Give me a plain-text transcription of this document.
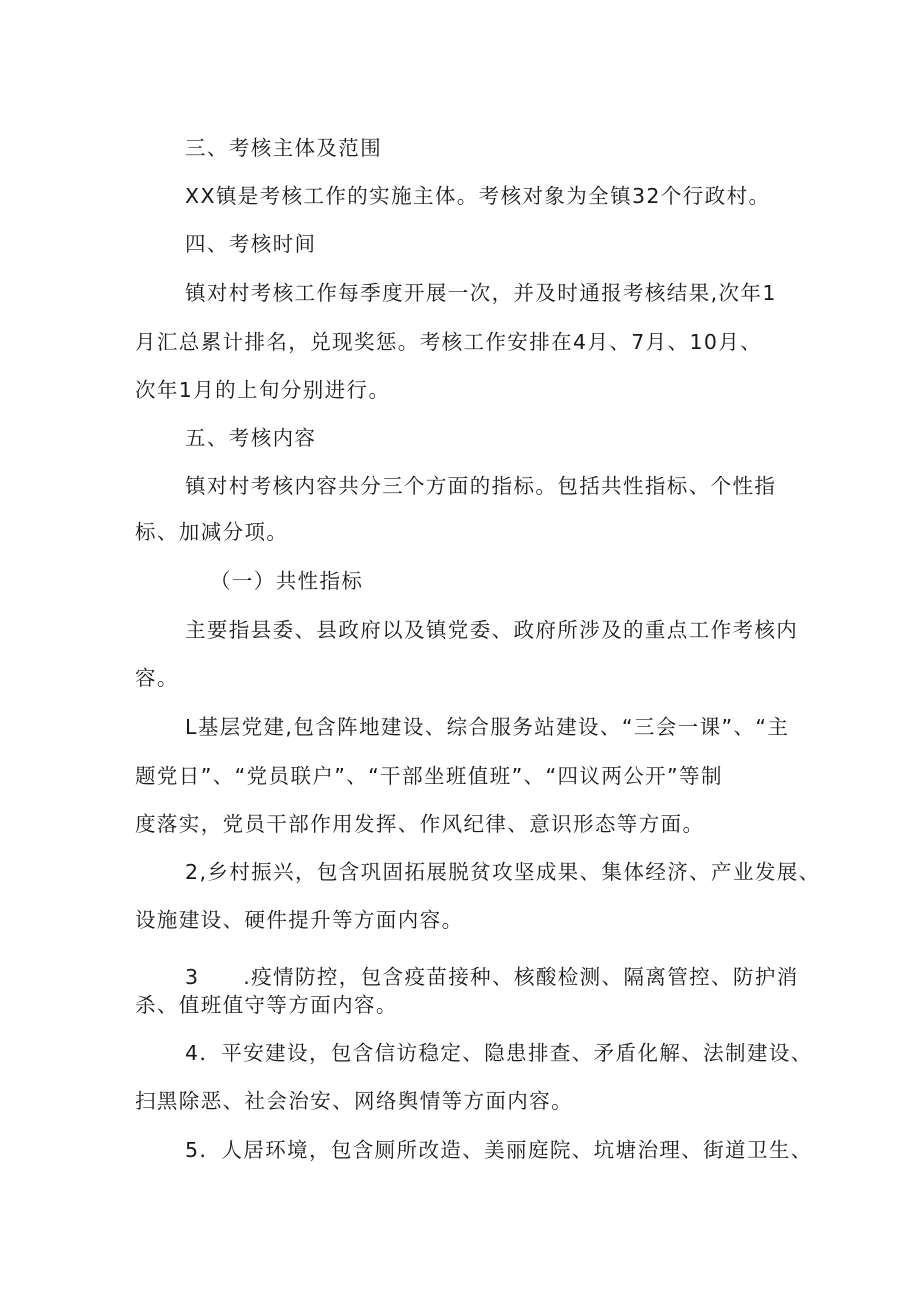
三、考核主体及范围
XX镇是考核工作的实施主体。考核对象为全镇32个行政村。
四、考核时间
镇对村考核工作每季度开展一次，并及时通报考核结果,次年1
月汇总累计排名，兑现奖惩。考核工作安排在4月、7月、10月、
次年1月的上旬分别进行。
五、考核内容
镇对村考核内容共分三个方面的指标。包括共性指标、个性指
标、加减分项。
（一）共性指标
主要指县委、县政府以及镇党委、政府所涉及的重点工作考核内
容。
L基层党建,包含阵地建设、综合服务站建设、“三会一课”、“主
题党日”、“党员联户”、“干部坐班值班”、“四议两公开”等制
度落实，党员干部作用发挥、作风纪律、意识形态等方面。
2,乡村振兴，包含巩固拓展脱贫攻坚成果、集体经济、产业发展、
设施建设、硬件提升等方面内容。
3　　.疫情防控，包含疫苗接种、核酸检测、隔离管控、防护消
杀、值班值守等方面内容。
4．平安建设，包含信访稳定、隐患排查、矛盾化解、法制建设、
扫黑除恶、社会治安、网络舆情等方面内容。
5．人居环境，包含厕所改造、美丽庭院、坑塘治理、街道卫生、
